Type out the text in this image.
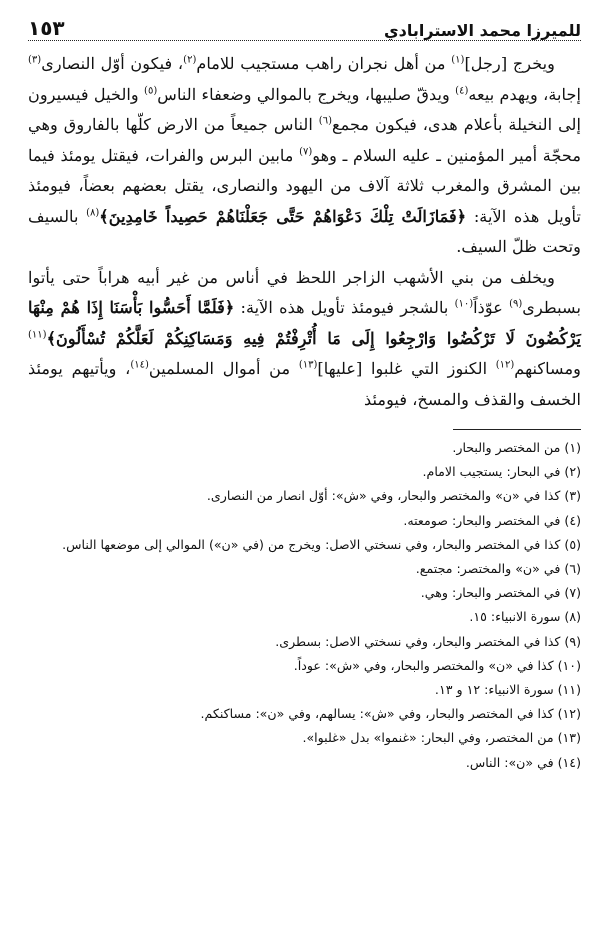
للميرزا محمد الاسترابادي
١٥٣

ويخرج [رجل]$^{(١)}$ من أهل نجران راهب مستجيب للامام$^{(٢)}$، فيكون أوّل النصارى$^{(٣)}$ إجابة، ويهدم بيعه$^{(٤)}$ ويدقّ صليبها، ويخرج بالموالي وضعفاء الناس$^{(٥)}$ والخيل فيسيرون إلى النخيلة بأعلام هدى، فيكون مجمع$^{(٦)}$ الناس جميعاً من الارض كلّها بالفاروق وهي محجّة أمير المؤمنين ـ عليه السلام ـ وهو$^{(٧)}$ مابين البرس والفرات، فيقتل يومئذ فيما بين المشرق والمغرب ثلاثة آلاف من اليهود والنصارى، يقتل بعضهم بعضاً، فيومئذ تأويل هذه الآية: ﴿فَمَازَالَتْ تِلْكَ دَعْوَاهُمْ حَتَّى جَعَلْنَاهُمْ حَصِيداً خَامِدِينَ﴾$^{(٨)}$ بالسيف وتحت ظلّ السيف.

ويخلف من بني الأشهب الزاجر اللحظ في أناس من غير أبيه هراباً حتى يأتوا بسبطرى$^{(٩)}$ عوّذاً$^{(١٠)}$ بالشجر فيومئذ تأويل هذه الآية: ﴿فَلَمَّا أَحَسُّوا بَأْسَنَا إِذَا هُمْ مِنْهَا يَرْكُضُونَ لَا تَرْكُضُوا وَارْجِعُوا إِلَى مَا أُتْرِفْتُمْ فِيهِ وَمَسَاكِنِكُمْ لَعَلَّكُمْ تُسْأَلُونَ﴾$^{(١١)}$ ومساكنهم$^{(١٢)}$ الكنوز التي غلبوا [عليها]$^{(١٣)}$ من أموال المسلمين$^{(١٤)}$، ويأتيهم يومئذ الخسف والقذف والمسخ، فيومئذ

(١) من المختصر والبحار.
(٢) في البحار: يستجيب الامام.
(٣) كذا في «ن» والمختصر والبحار، وفي «ش»: أوّل انصار من النصارى.
(٤) في المختصر والبحار: صومعته.
(٥) كذا في المختصر والبحار، وفي نسختي الاصل: ويخرج من (في «ن») الموالي إلى موضعها الناس.
(٦) في «ن» والمختصر: مجتمع.
(٧) في المختصر والبحار: وهي.
(٨) سورة الانبياء: ١٥.
(٩) كذا في المختصر والبحار، وفي نسختي الاصل: بسطرى.
(١٠) كذا في «ن» والمختصر والبحار، وفي «ش»: عوداً.
(١١) سورة الانبياء: ١٢ و ١٣.
(١٢) كذا في المختصر والبحار، وفي «ش»: يسالهم، وفي «ن»: مساكنكم.
(١٣) من المختصر، وفي البحار: «غنموا» بدل «غلبوا».
(١٤) في «ن»: الناس.
